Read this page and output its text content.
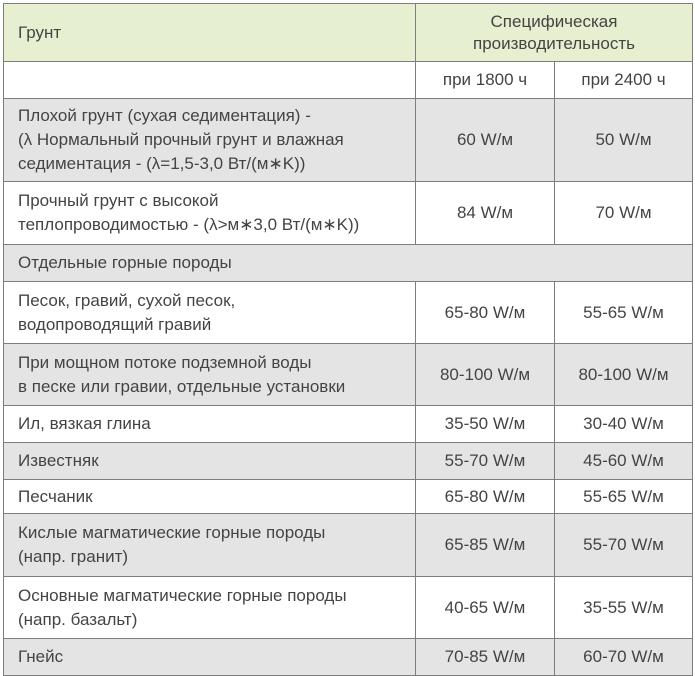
Грунт	Специфическая
производительность	

	при 1800 ч	при 2400 ч

Плохой грунт (сухая седиментация) -
(λ Нормальный прочный грунт и влажная
седиментация - (λ=1,5-3,0 Вт/(м∗K))	60 W/м	50 W/м

Прочный грунт с высокой
теплопроводимостью - (λ>м∗3,0 Вт/(м∗K))	84 W/м	70 W/м
Отдельные горные породы		

Песок, гравий, сухой песок,
водопроводящий гравий	65-80 W/м	55-65 W/м

При мощном потоке подземной воды
в песке или гравии, отдельные установки	80-100 W/м	80-100 W/м
Ил, вязкая глина	35-50 W/м	30-40 W/м
Известняк	55-70 W/м	45-60 W/м
Песчаник	65-80 W/м	55-65 W/м

Кислые магматические горные породы
(напр. гранит)	65-85 W/м	55-70 W/м

Основные магматические горные породы
(напр. базальт)	40-65 W/м	35-55 W/м
Гнейс	70-85 W/м	60-70 W/м
